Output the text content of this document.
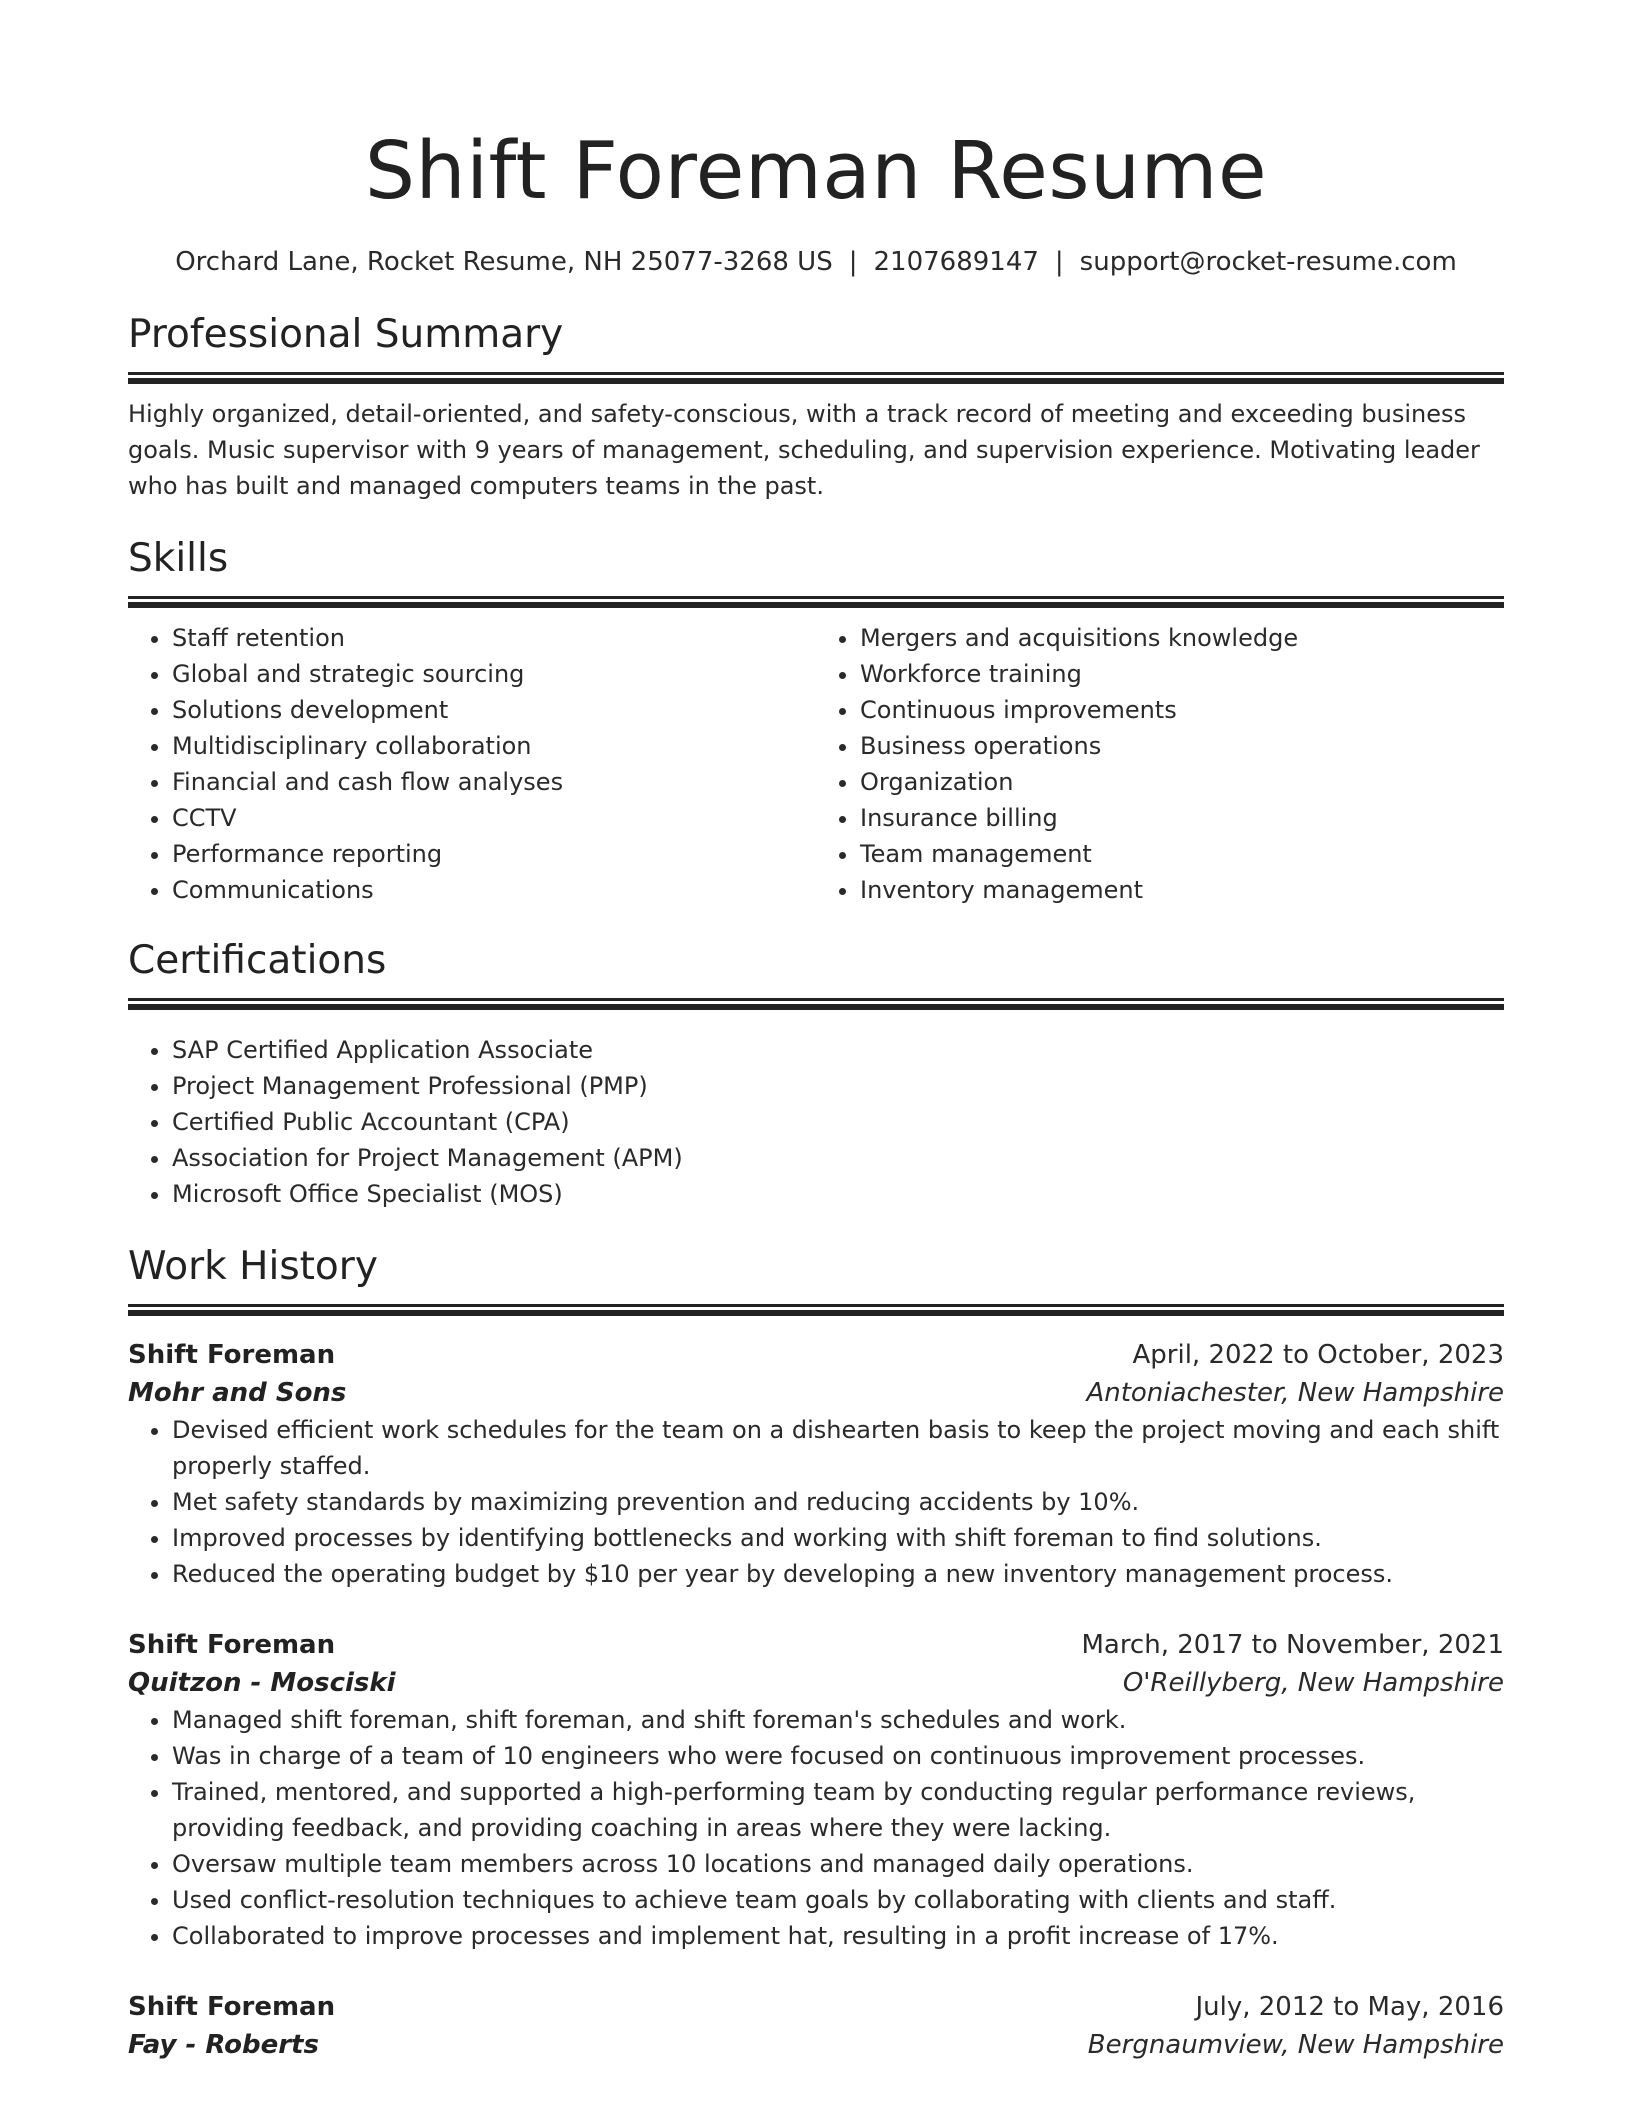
Shift Foreman Resume
Orchard Lane, Rocket Resume, NH 25077-3268 US | 2107689147 | support@rocket-resume.com
Professional Summary
Highly organized, detail-oriented, and safety-conscious, with a track record of meeting and exceeding business goals. Music supervisor with 9 years of management, scheduling, and supervision experience. Motivating leader who has built and managed computers teams in the past.
Skills
• Staff retention
• Global and strategic sourcing
• Solutions development
• Multidisciplinary collaboration
• Financial and cash flow analyses
• CCTV
• Performance reporting
• Communications
• Mergers and acquisitions knowledge
• Workforce training
• Continuous improvements
• Business operations
• Organization
• Insurance billing
• Team management
• Inventory management
Certifications
• SAP Certified Application Associate
• Project Management Professional (PMP)
• Certified Public Accountant (CPA)
• Association for Project Management (APM)
• Microsoft Office Specialist (MOS)
Work History
Shift Foreman	April, 2022 to October, 2023
Mohr and Sons	Antoniachester, New Hampshire
• Devised efficient work schedules for the team on a dishearten basis to keep the project moving and each shift properly staffed.
• Met safety standards by maximizing prevention and reducing accidents by 10%.
• Improved processes by identifying bottlenecks and working with shift foreman to find solutions.
• Reduced the operating budget by $10 per year by developing a new inventory management process.
Shift Foreman	March, 2017 to November, 2021
Quitzon - Mosciski	O'Reillyberg, New Hampshire
• Managed shift foreman, shift foreman, and shift foreman's schedules and work.
• Was in charge of a team of 10 engineers who were focused on continuous improvement processes.
• Trained, mentored, and supported a high-performing team by conducting regular performance reviews, providing feedback, and providing coaching in areas where they were lacking.
• Oversaw multiple team members across 10 locations and managed daily operations.
• Used conflict-resolution techniques to achieve team goals by collaborating with clients and staff.
• Collaborated to improve processes and implement hat, resulting in a profit increase of 17%.
Shift Foreman	July, 2012 to May, 2016
Fay - Roberts	Bergnaumview, New Hampshire
